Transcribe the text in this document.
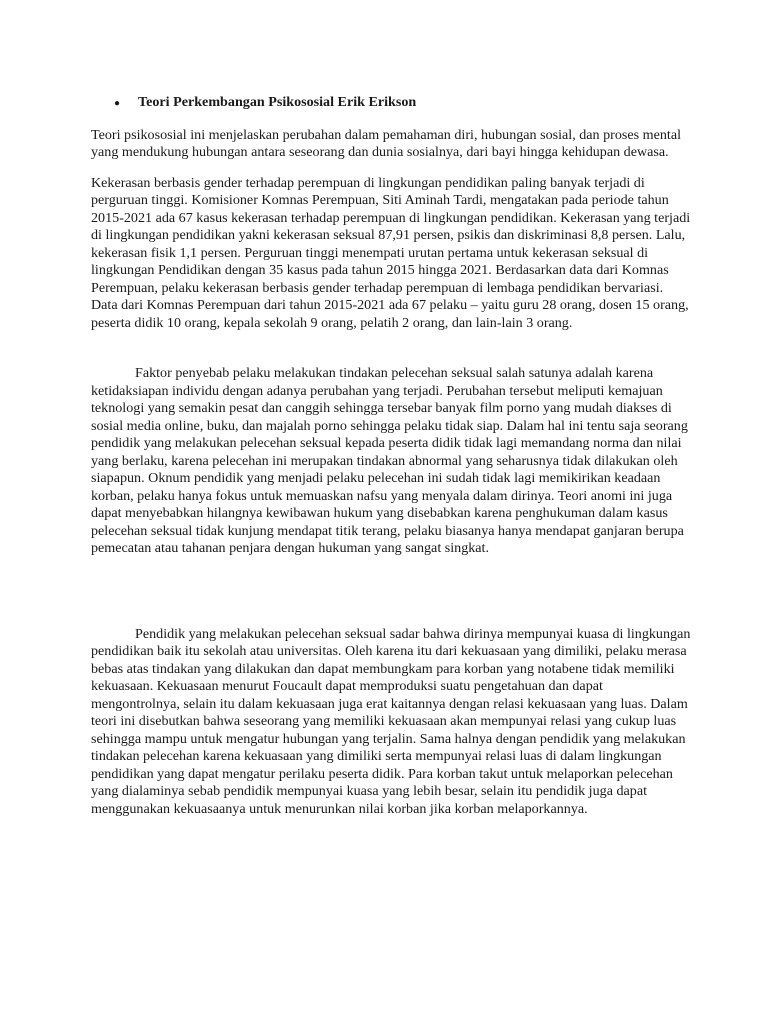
●	Teori Perkembangan Psikososial Erik Erikson

Teori psikososial ini menjelaskan perubahan dalam pemahaman diri, hubungan sosial, dan proses mental yang mendukung hubungan antara seseorang dan dunia sosialnya, dari bayi hingga kehidupan dewasa.

Kekerasan berbasis gender terhadap perempuan di lingkungan pendidikan paling banyak terjadi di perguruan tinggi. Komisioner Komnas Perempuan, Siti Aminah Tardi, mengatakan pada periode tahun 2015-2021 ada 67 kasus kekerasan terhadap perempuan di lingkungan pendidikan. Kekerasan yang terjadi di lingkungan pendidikan yakni kekerasan seksual 87,91 persen, psikis dan diskriminasi 8,8 persen. Lalu, kekerasan fisik 1,1 persen. Perguruan tinggi menempati urutan pertama untuk kekerasan seksual di lingkungan Pendidikan dengan 35 kasus pada tahun 2015 hingga 2021. Berdasarkan data dari Komnas Perempuan, pelaku kekerasan berbasis gender terhadap perempuan di lembaga pendidikan bervariasi. Data dari Komnas Perempuan dari tahun 2015-2021 ada 67 pelaku – yaitu guru 28 orang, dosen 15 orang, peserta didik 10 orang, kepala sekolah 9 orang, pelatih 2 orang, dan lain-lain 3 orang.

Faktor penyebab pelaku melakukan tindakan pelecehan seksual salah satunya adalah karena ketidaksiapan individu dengan adanya perubahan yang terjadi. Perubahan tersebut meliputi kemajuan teknologi yang semakin pesat dan canggih sehingga tersebar banyak film porno yang mudah diakses di sosial media online, buku, dan majalah porno sehingga pelaku tidak siap. Dalam hal ini tentu saja seorang pendidik yang melakukan pelecehan seksual kepada peserta didik tidak lagi memandang norma dan nilai yang berlaku, karena pelecehan ini merupakan tindakan abnormal yang seharusnya tidak dilakukan oleh siapapun. Oknum pendidik yang menjadi pelaku pelecehan ini sudah tidak lagi memikirikan keadaan korban, pelaku hanya fokus untuk memuaskan nafsu yang menyala dalam dirinya. Teori anomi ini juga dapat menyebabkan hilangnya kewibawan hukum yang disebabkan karena penghukuman dalam kasus pelecehan seksual tidak kunjung mendapat titik terang, pelaku biasanya hanya mendapat ganjaran berupa pemecatan atau tahanan penjara dengan hukuman yang sangat singkat.

Pendidik yang melakukan pelecehan seksual sadar bahwa dirinya mempunyai kuasa di lingkungan pendidikan baik itu sekolah atau universitas. Oleh karena itu dari kekuasaan yang dimiliki, pelaku merasa bebas atas tindakan yang dilakukan dan dapat membungkam para korban yang notabene tidak memiliki kekuasaan. Kekuasaan menurut Foucault dapat memproduksi suatu pengetahuan dan dapat mengontrolnya, selain itu dalam kekuasaan juga erat kaitannya dengan relasi kekuasaan yang luas. Dalam teori ini disebutkan bahwa seseorang yang memiliki kekuasaan akan mempunyai relasi yang cukup luas sehingga mampu untuk mengatur hubungan yang terjalin. Sama halnya dengan pendidik yang melakukan tindakan pelecehan karena kekuasaan yang dimiliki serta mempunyai relasi luas di dalam lingkungan pendidikan yang dapat mengatur perilaku peserta didik. Para korban takut untuk melaporkan pelecehan yang dialaminya sebab pendidik mempunyai kuasa yang lebih besar, selain itu pendidik juga dapat menggunakan kekuasaanya untuk menurunkan nilai korban jika korban melaporkannya.
